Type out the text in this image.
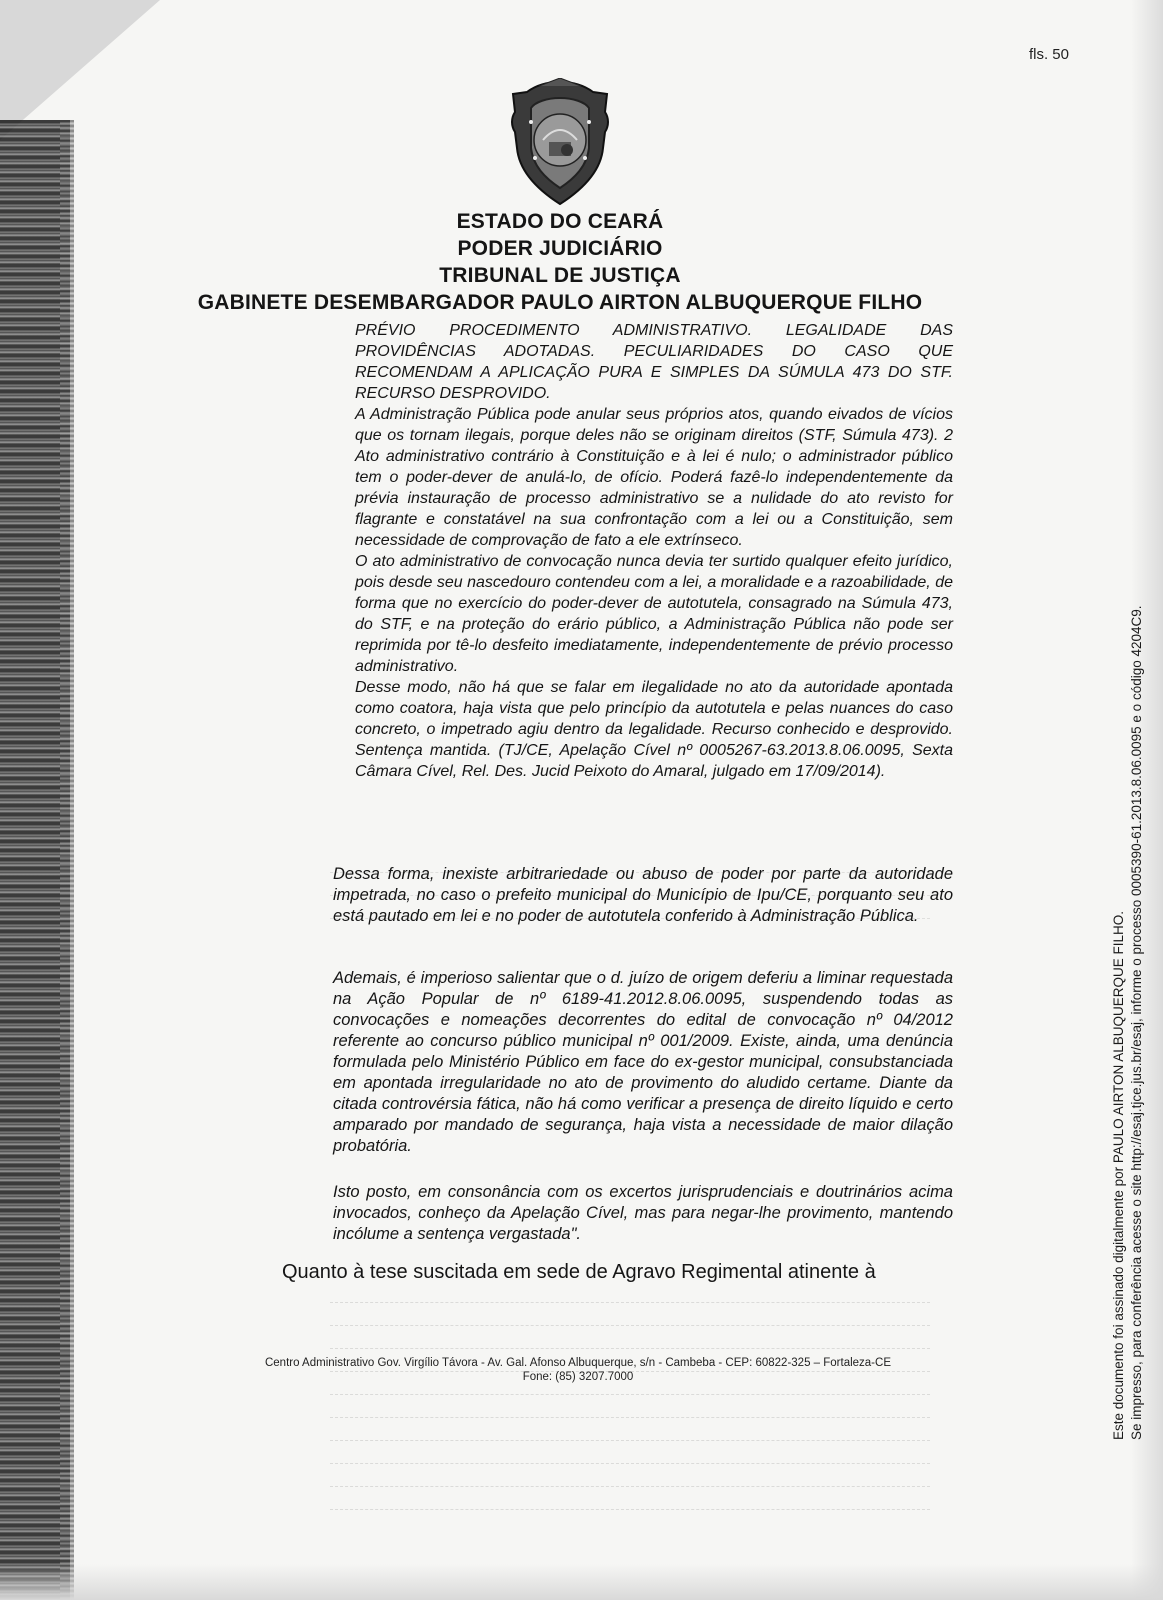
fls. 50
ESTADO DO CEARÁ
PODER JUDICIÁRIO
TRIBUNAL DE JUSTIÇA
GABINETE DESEMBARGADOR PAULO AIRTON ALBUQUERQUE FILHO

PRÉVIO PROCEDIMENTO ADMINISTRATIVO. LEGALIDADE DAS PROVIDÊNCIAS ADOTADAS. PECULIARIDADES DO CASO QUE RECOMENDAM A APLICAÇÃO PURA E SIMPLES DA SÚMULA 473 DO STF. RECURSO DESPROVIDO.

A Administração Pública pode anular seus próprios atos, quando eivados de vícios que os tornam ilegais, porque deles não se originam direitos (STF, Súmula 473). 2 Ato administrativo contrário à Constituição e à lei é nulo; o administrador público tem o poder-dever de anulá-lo, de ofício. Poderá fazê-lo independentemente da prévia instauração de processo administrativo se a nulidade do ato revisto for flagrante e constatável na sua confrontação com a lei ou a Constituição, sem necessidade de comprovação de fato a ele extrínseco.

O ato administrativo de convocação nunca devia ter surtido qualquer efeito jurídico, pois desde seu nascedouro contendeu com a lei, a moralidade e a razoabilidade, de forma que no exercício do poder-dever de autotutela, consagrado na Súmula 473, do STF, e na proteção do erário público, a Administração Pública não pode ser reprimida por tê-lo desfeito imediatamente, independentemente de prévio processo administrativo.

Desse modo, não há que se falar em ilegalidade no ato da autoridade apontada como coatora, haja vista que pelo princípio da autotutela e pelas nuances do caso concreto, o impetrado agiu dentro da legalidade. Recurso conhecido e desprovido. Sentença mantida. (TJ/CE, Apelação Cível nº 0005267-63.2013.8.06.0095, Sexta Câmara Cível, Rel. Des. Jucid Peixoto do Amaral, julgado em 17/09/2014).

Dessa forma, inexiste arbitrariedade ou abuso de poder por parte da autoridade impetrada, no caso o prefeito municipal do Município de Ipu/CE, porquanto seu ato está pautado em lei e no poder de autotutela conferido à Administração Pública.

Ademais, é imperioso salientar que o d. juízo de origem deferiu a liminar requestada na Ação Popular de nº 6189-41.2012.8.06.0095, suspendendo todas as convocações e nomeações decorrentes do edital de convocação nº 04/2012 referente ao concurso público municipal nº 001/2009. Existe, ainda, uma denúncia formulada pelo Ministério Público em face do ex-gestor municipal, consubstanciada em apontada irregularidade no ato de provimento do aludido certame. Diante da citada controvérsia fática, não há como verificar a presença de direito líquido e certo amparado por mandado de segurança, haja vista a necessidade de maior dilação probatória.

Isto posto, em consonância com os excertos jurisprudenciais e doutrinários acima invocados, conheço da Apelação Cível, mas para negar-lhe provimento, mantendo incólume a sentença vergastada".

Quanto à tese suscitada em sede de Agravo Regimental atinente à
Centro Administrativo Gov. Virgílio Távora - Av. Gal. Afonso Albuquerque, s/n - Cambeba - CEP: 60822-325 – Fortaleza-CE
Fone: (85) 3207.7000	Este documento foi assinado digitalmente por PAULO AIRTON ALBUQUERQUE FILHO. Se impresso, para conferência acesse o site http://esaj.tjce.jus.br/esaj, informe o processo 0005390-61.2013.8.06.0095 e o código 4204C9.
